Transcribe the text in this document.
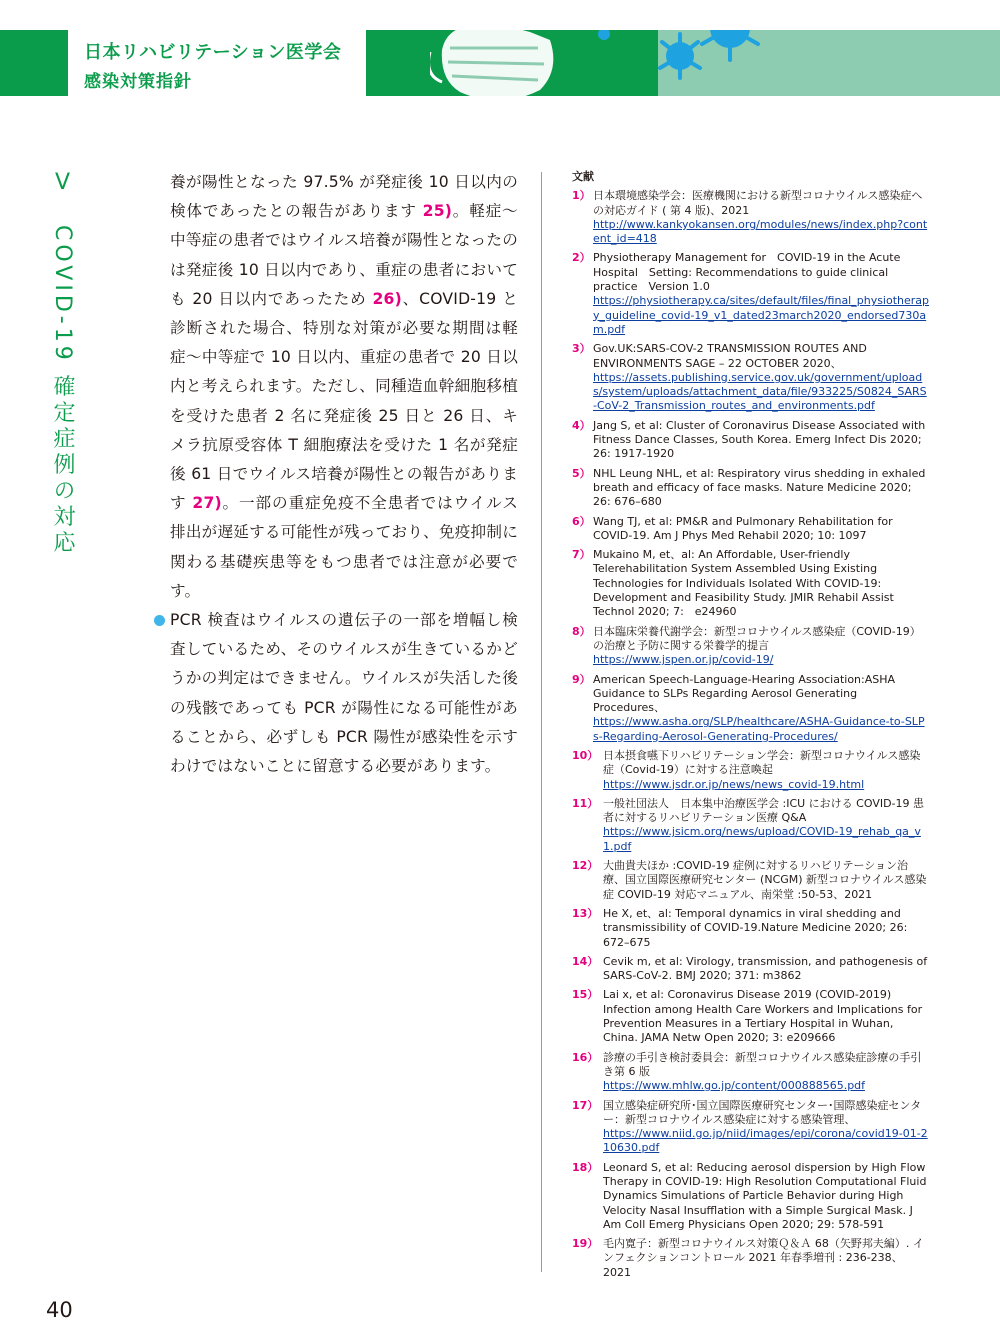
日本リハビリテーション医学会
感染対策指針
Ⅴ　COVID-19 確定症例の対応	養が陽性となった 97.5% が発症後 10 日以内の検体であったとの報告があります 25)。軽症〜中等症の患者ではウイルス培養が陽性となったのは発症後 10 日以内であり、重症の患者においても 20 日以内であったため 26)、COVID-19 と診断された場合、特別な対策が必要な期間は軽症〜中等症で 10 日以内、重症の患者で 20 日以内と考えられます。ただし、同種造血幹細胞移植を受けた患者 2 名に発症後 25 日と 26 日、キメラ抗原受容体 T 細胞療法を受けた 1 名が発症後 61 日でウイルス培養が陽性との報告があります 27)。一部の重症免疫不全患者ではウイルス排出が遅延する可能性が残っており、免疫抑制に関わる基礎疾患等をもつ患者では注意が必要です。

PCR 検査はウイルスの遺伝子の一部を増幅し検査しているため、そのウイルスが生きているかどうかの判定はできません。ウイルスが失活した後の残骸であっても PCR が陽性になる可能性があることから、必ずしも PCR 陽性が感染性を示すわけではないことに留意する必要があります。

文献
1） 日本環境感染学会：医療機関における新型コロナウイルス感染症への対応ガイド ( 第 4 版)、2021
http://www.kankyokansen.org/modules/news/index.php?content_id=418
2） Physiotherapy Management for　COVID-19 in the Acute Hospital　Setting: Recommendations to guide clinical practice　Version 1.0
https://physiotherapy.ca/sites/default/files/final_physiotherapy_guideline_covid-19_v1_dated23march2020_endorsed730am.pdf
3） Gov.UK:SARS-COV-2 TRANSMISSION ROUTES AND ENVIRONMENTS SAGE – 22 OCTOBER 2020、
https://assets.publishing.service.gov.uk/government/uploads/system/uploads/attachment_data/file/933225/S0824_SARS-CoV-2_Transmission_routes_and_environments.pdf
4） Jang S, et al: Cluster of Coronavirus Disease Associated with Fitness Dance Classes, South Korea. Emerg Infect Dis 2020; 26: 1917-1920
5） NHL Leung NHL, et al: Respiratory virus shedding in exhaled breath and efficacy of face masks. Nature Medicine 2020; 26: 676–680
6） Wang TJ, et al: PM&R and Pulmonary Rehabilitation for COVID-19. Am J Phys Med Rehabil 2020; 10: 1097
7） Mukaino M, et、al: An Affordable, User-friendly Telerehabilitation System Assembled Using Existing Technologies for Individuals Isolated With COVID-19: Development and Feasibility Study. JMIR Rehabil Assist Technol 2020; 7:　e24960
8） 日本臨床栄養代謝学会：新型コロナウイルス感染症（COVID-19）の治療と予防に関する栄養学的提言
https://www.jspen.or.jp/covid-19/
9） American Speech-Language-Hearing Association:ASHA Guidance to SLPs Regarding Aerosol Generating Procedures、
https://www.asha.org/SLP/healthcare/ASHA-Guidance-to-SLPs-Regarding-Aerosol-Generating-Procedures/
10） 日本摂食嚥下リハビリテーション学会：新型コロナウイルス感染症（Covid-19）に対する注意喚起
https://www.jsdr.or.jp/news/news_covid-19.html
11） 一般社団法人　日本集中治療医学会 :ICU における COVID-19 患者に対するリハビリテーション医療 Q&A
https://www.jsicm.org/news/upload/COVID-19_rehab_qa_v1.pdf
12） 大曲貴夫ほか :COVID-19 症例に対するリハビリテーション治療、国立国際医療研究センター (NCGM) 新型コロナウイルス感染症 COVID-19 対応マニュアル、南栄堂 :50-53、2021
13） He X, et、al: Temporal dynamics in viral shedding and transmissibility of COVID-19.Nature Medicine 2020; 26: 672–675
14） Cevik m, et al: Virology, transmission, and pathogenesis of SARS-CoV-2. BMJ 2020; 371: m3862
15） Lai x, et al: Coronavirus Disease 2019 (COVID-2019) Infection among Health Care Workers and Implications for Prevention Measures in a Tertiary Hospital in Wuhan, China. JAMA Netw Open 2020; 3: e209666
16） 診療の手引き検討委員会：新型コロナウイルス感染症診療の手引き第 6 版
https://www.mhlw.go.jp/content/000888565.pdf
17） 国立感染症研究所･国立国際医療研究センター･国際感染症センター：新型コロナウイルス感染症に対する感染管理、
https://www.niid.go.jp/niid/images/epi/corona/covid19-01-210630.pdf
18） Leonard S, et al: Reducing aerosol dispersion by High Flow Therapy in COVID-19: High Resolution Computational Fluid Dynamics Simulations of Particle Behavior during High Velocity Nasal Insufflation with a Simple Surgical Mask. J Am Coll Emerg Physicians Open 2020; 29: 578-591
19） 毛内寛子：新型コロナウイルス対策Ｑ＆Ａ 68（矢野邦夫編）. インフェクションコントロール 2021 年春季増刊 : 236-238、2021
40
